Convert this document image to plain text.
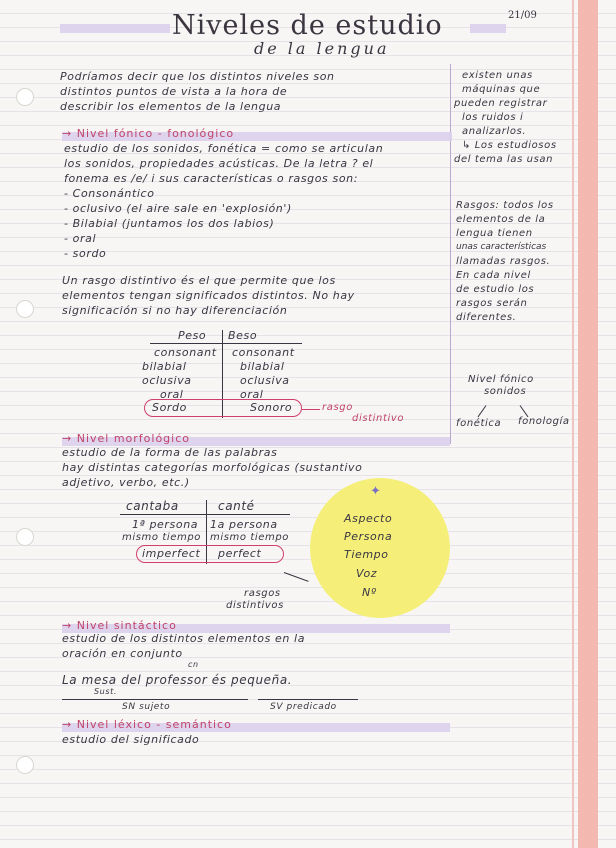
Niveles de estudio
de la lengua
21/09
Podríamos decir que los distintos niveles son
distintos puntos de vista a la hora de
describir los elementos de la lengua
→ Nivel fónico - fonológico
estudio de los sonidos, fonética = como se articulan
los sonidos, propiedades acústicas. De la letra ? el
fonema es /e/ i sus características o rasgos son:
- Consonántico
- oclusivo (el aire sale en 'explosión')
- Bilabial (juntamos los dos labios)
- oral
- sordo
Un rasgo distintivo és el que permite que los
elementos tengan significados distintos. No hay
significación si no hay diferenciación
Peso Beso
consonant consonant
bilabial	bilabial
oclusiva	oclusiva
oral	oral
Sordo	Sonoro	rasgo
distintivo
→ Nivel morfológico
estudio de la forma de las palabras
hay distintas categorías morfológicas (sustantivo
adjetivo, verbo, etc.)
cantaba	canté
1ª persona 1a persona
mismo tiempo mismo tiempo
imperfect perfect
rasgos
distintivos
✦
Aspecto
Persona
Tiempo
Voz
Nº
→ Nivel sintáctico
estudio de los distintos elementos en la
oración en conjunto
cn
La mesa del professor és pequeña.
Sust.
SN sujeto	SV predicado
→ Nivel léxico - semántico
estudio del significado
existen unas
máquinas que
pueden registrar
los ruidos i
analizarlos.
↳ Los estudiosos
del tema las usan
Rasgos: todos los
elementos de la
lengua tienen
unas características
llamadas rasgos.
En cada nivel
de estudio los
rasgos serán
diferentes.
Nivel fónico
sonidos
fonética fonología
